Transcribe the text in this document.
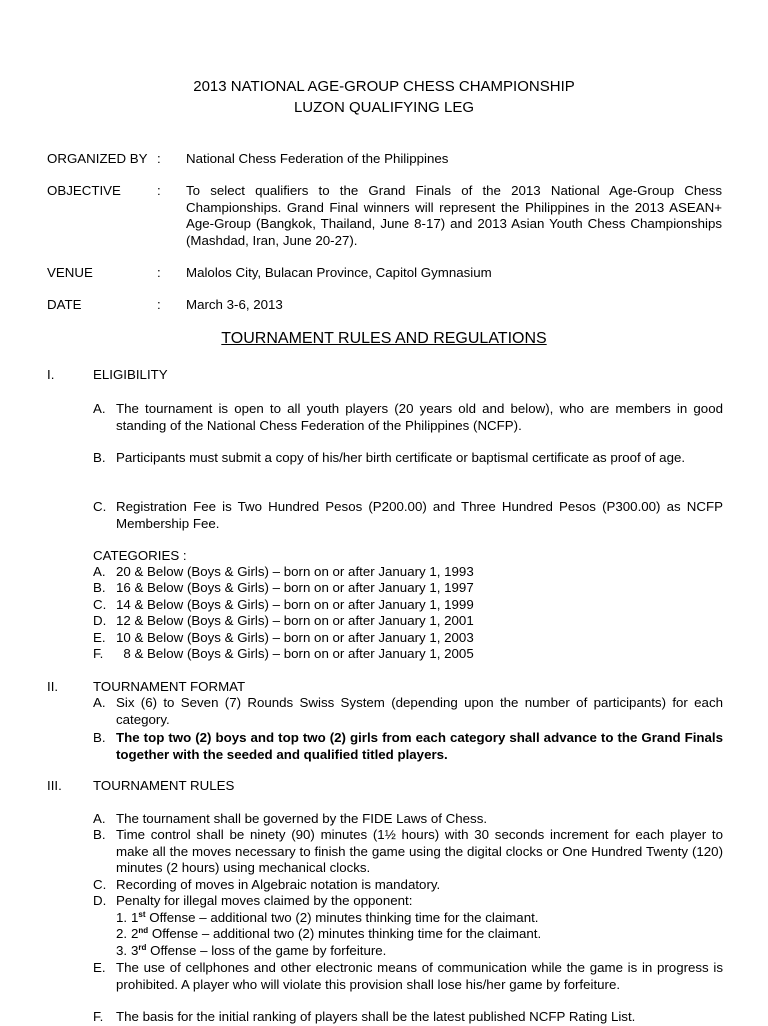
2013 NATIONAL AGE-GROUP CHESS CHAMPIONSHIP
LUZON QUALIFYING LEG
ORGANIZED BY : National Chess Federation of the Philippines
OBJECTIVE	: To select qualifiers to the Grand Finals of the 2013 National Age-Group Chess Championships. Grand Final winners will represent the Philippines in the 2013 ASEAN+ Age-Group (Bangkok, Thailand, June 8-17) and 2013 Asian Youth Chess Championships (Mashdad, Iran, June 20-27).
VENUE	: Malolos City, Bulacan Province, Capitol Gymnasium
DATE	: March 3-6, 2013
TOURNAMENT RULES AND REGULATIONS
I.	ELIGIBILITY
A. The tournament is open to all youth players (20 years old and below), who are members in good standing of the National Chess Federation of the Philippines (NCFP).
B. Participants must submit a copy of his/her birth certificate or baptismal certificate as proof of age.
C. Registration Fee is Two Hundred Pesos (P200.00) and Three Hundred Pesos (P300.00) as NCFP Membership Fee.
CATEGORIES :
A. 20 & Below (Boys & Girls) – born on or after January 1, 1993
B. 16 & Below (Boys & Girls) – born on or after January 1, 1997
C. 14 & Below (Boys & Girls) – born on or after January 1, 1999
D. 12 & Below (Boys & Girls) – born on or after January 1, 2001
E. 10 & Below (Boys & Girls) – born on or after January 1, 2003
F. 8 & Below (Boys & Girls) – born on or after January 1, 2005
II.	TOURNAMENT FORMAT
A. Six (6) to Seven (7) Rounds Swiss System (depending upon the number of participants) for each category.
B. The top two (2) boys and top two (2) girls from each category shall advance to the Grand Finals together with the seeded and qualified titled players.
III. TOURNAMENT RULES
A. The tournament shall be governed by the FIDE Laws of Chess.
B. Time control shall be ninety (90) minutes (1½ hours) with 30 seconds increment for each player to make all the moves necessary to finish the game using the digital clocks or One Hundred Twenty (120) minutes (2 hours) using mechanical clocks.
C. Recording of moves in Algebraic notation is mandatory.
D. Penalty for illegal moves claimed by the opponent:
1. 1st Offense – additional two (2) minutes thinking time for the claimant.
2. 2nd Offense – additional two (2) minutes thinking time for the claimant.
3. 3rd Offense – loss of the game by forfeiture.
E. The use of cellphones and other electronic means of communication while the game is in progress is prohibited. A player who will violate this provision shall lose his/her game by forfeiture.
F. The basis for the initial ranking of players shall be the latest published NCFP Rating List.
